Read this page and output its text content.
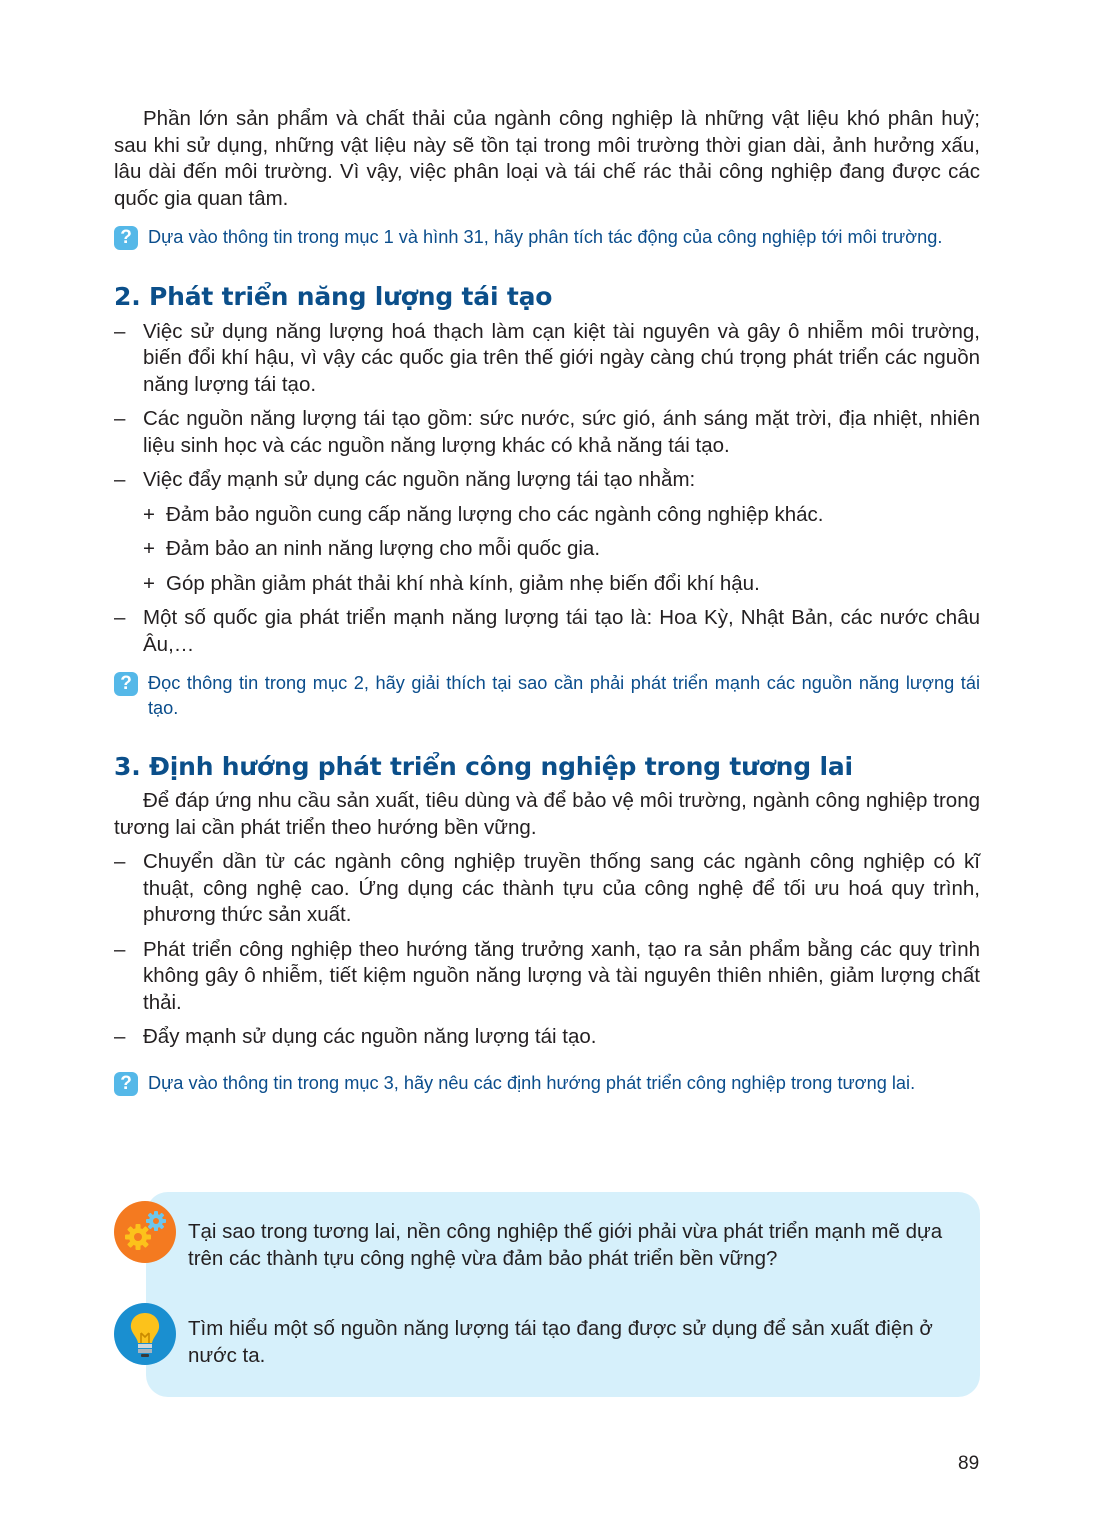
Phần lớn sản phẩm và chất thải của ngành công nghiệp là những vật liệu khó phân huỷ; sau khi sử dụng, những vật liệu này sẽ tồn tại trong môi trường thời gian dài, ảnh hưởng xấu, lâu dài đến môi trường. Vì vậy, việc phân loại và tái chế rác thải công nghiệp đang được các quốc gia quan tâm.

? Dựa vào thông tin trong mục 1 và hình 31, hãy phân tích tác động của công nghiệp tới môi trường.
2. Phát triển năng lượng tái tạo

– Việc sử dụng năng lượng hoá thạch làm cạn kiệt tài nguyên và gây ô nhiễm môi trường, biến đổi khí hậu, vì vậy các quốc gia trên thế giới ngày càng chú trọng phát triển các nguồn năng lượng tái tạo.

– Các nguồn năng lượng tái tạo gồm: sức nước, sức gió, ánh sáng mặt trời, địa nhiệt, nhiên liệu sinh học và các nguồn năng lượng khác có khả năng tái tạo.

– Việc đẩy mạnh sử dụng các nguồn năng lượng tái tạo nhằm:

+ Đảm bảo nguồn cung cấp năng lượng cho các ngành công nghiệp khác.

+ Đảm bảo an ninh năng lượng cho mỗi quốc gia.

+ Góp phần giảm phát thải khí nhà kính, giảm nhẹ biến đổi khí hậu.

– Một số quốc gia phát triển mạnh năng lượng tái tạo là: Hoa Kỳ, Nhật Bản, các nước châu Âu,…

? Đọc thông tin trong mục 2, hãy giải thích tại sao cần phải phát triển mạnh các nguồn năng lượng tái tạo.
3. Định hướng phát triển công nghiệp trong tương lai

Để đáp ứng nhu cầu sản xuất, tiêu dùng và để bảo vệ môi trường, ngành công nghiệp trong tương lai cần phát triển theo hướng bền vững.

– Chuyển dần từ các ngành công nghiệp truyền thống sang các ngành công nghiệp có kĩ thuật, công nghệ cao. Ứng dụng các thành tựu của công nghệ để tối ưu hoá quy trình, phương thức sản xuất.

– Phát triển công nghiệp theo hướng tăng trưởng xanh, tạo ra sản phẩm bằng các quy trình không gây ô nhiễm, tiết kiệm nguồn năng lượng và tài nguyên thiên nhiên, giảm lượng chất thải.

– Đẩy mạnh sử dụng các nguồn năng lượng tái tạo.

? Dựa vào thông tin trong mục 3, hãy nêu các định hướng phát triển công nghiệp trong tương lai.
Tại sao trong tương lai, nền công nghiệp thế giới phải vừa phát triển mạnh mẽ dựa trên các thành tựu công nghệ vừa đảm bảo phát triển bền vững?
Tìm hiểu một số nguồn năng lượng tái tạo đang được sử dụng để sản xuất điện ở nước ta.
89
